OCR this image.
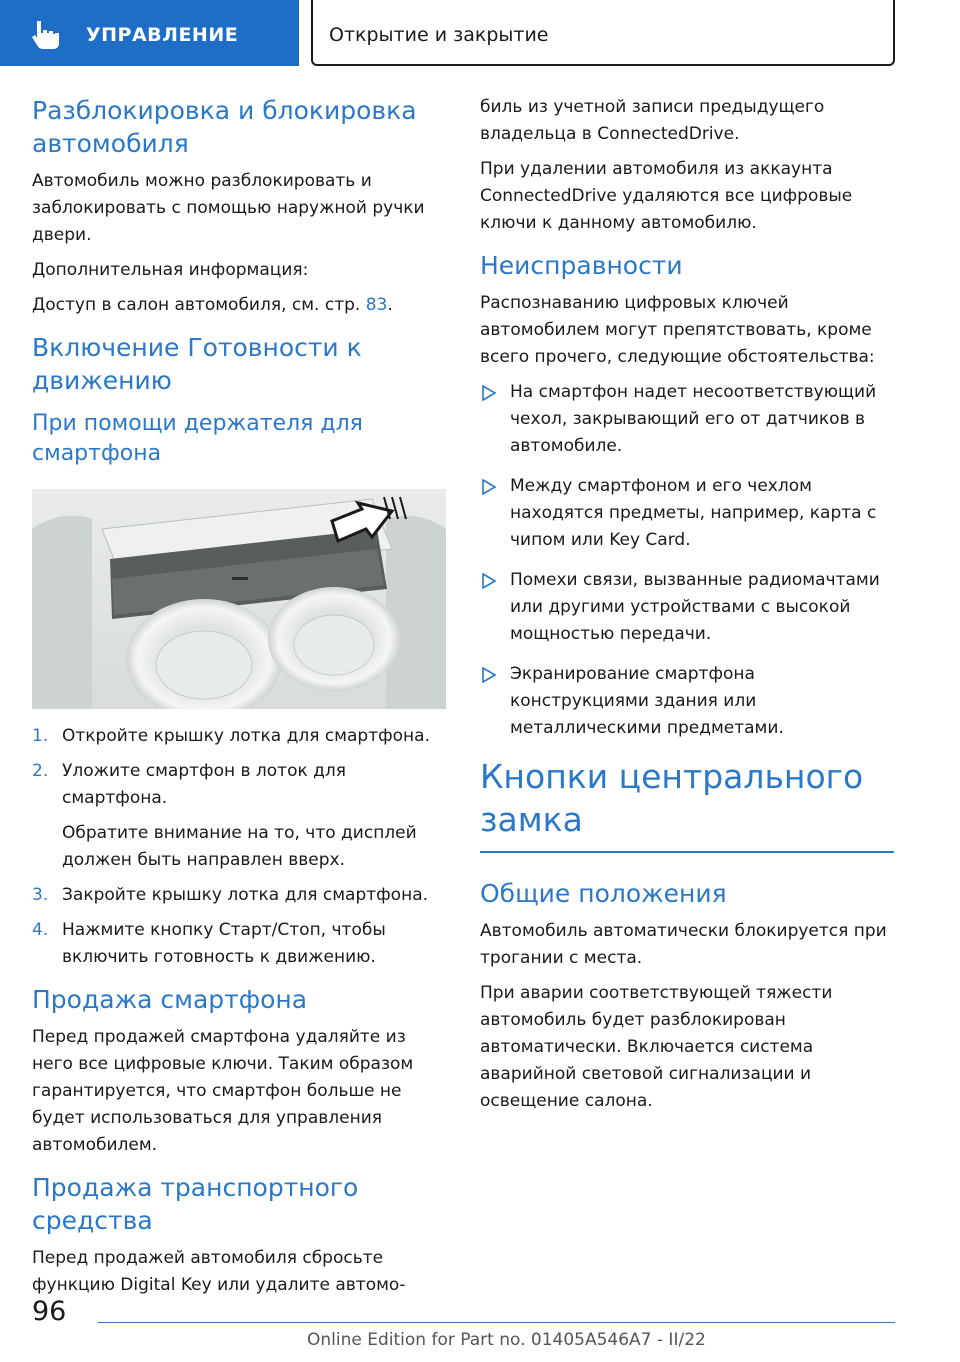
УПРАВЛЕНИЕ	Открытие и закрытие
Разблокировка и блокировка автомобиля

Автомобиль можно разблокировать и заблокировать с помощью наружной ручки двери.

Дополнительная информация:

Доступ в салон автомобиля, см. стр. 83.

Включение Готовности к движению
При помощи держателя для смартфона
1. Откройте крышку лотка для смартфона.
2. Уложите смартфон в лоток для смартфона.
Обратите внимание на то, что дисплей должен быть направлен вверх.
3. Закройте крышку лотка для смартфона.
4. Нажмите кнопку Старт/Стоп, чтобы включить готовность к движению.
Продажа смартфона

Перед продажей смартфона удаляйте из него все цифровые ключи. Таким образом гарантируется, что смартфон больше не будет использоваться для управления автомобилем.

Продажа транспортного средства

Перед продажей автомобиля сбросьте функцию Digital Key или удалите автомо-

биль из учетной записи предыдущего владельца в ConnectedDrive.

При удалении автомобиля из аккаунта ConnectedDrive удаляются все цифровые ключи к данному автомобилю.

Неисправности

Распознаванию цифровых ключей автомобилем могут препятствовать, кроме всего прочего, следующие обстоятельства:

На смартфон надет несоответствующий чехол, закрывающий его от датчиков в автомобиле.
Между смартфоном и его чехлом находятся предметы, например, карта с чипом или Key Card.
Помехи связи, вызванные радиомачтами или другими устройствами с высокой мощностью передачи.
Экранирование смартфона конструкциями здания или металлическими предметами.
Кнопки центрального замка
Общие положения

Автомобиль автоматически блокируется при трогании с места.

При аварии соответствующей тяжести автомобиль будет разблокирован автоматически. Включается система аварийной световой сигнализации и освещение салона.

96
Online Edition for Part no. 01405A546A7 - II/22
